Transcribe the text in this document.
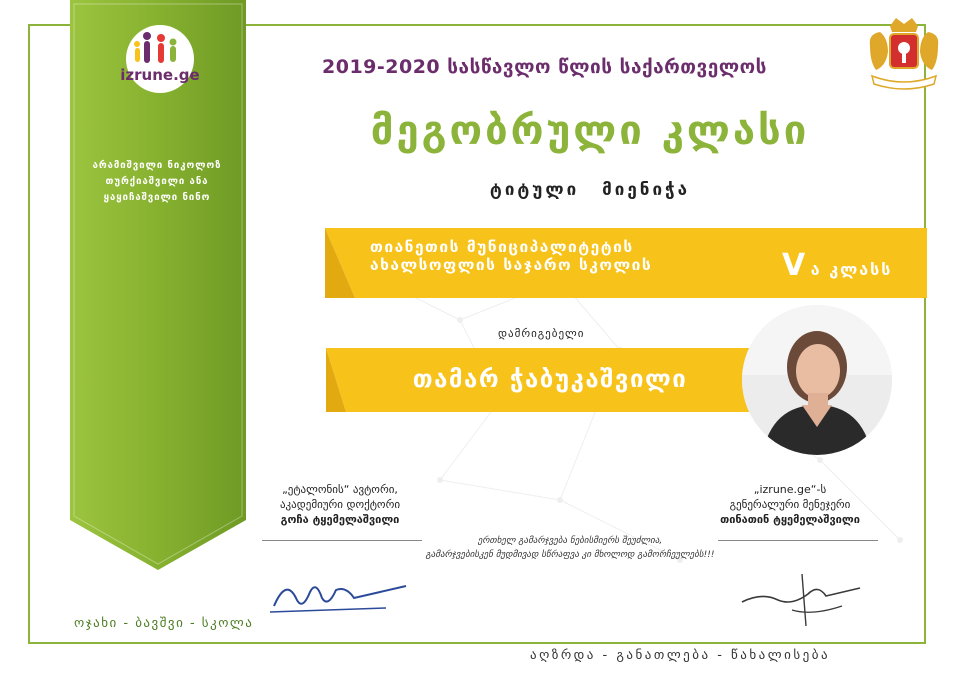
izrune.ge
არამიშვილი ნიკოლოზ
თურქიაშვილი ანა
ყაყიჩაშვილი ნინო
ოჯახი - ბავშვი - სკოლა
2019-2020 სასწავლო წლის საქართველოს
მეგობრული კლასი
ტიტული მიენიჭა
თიანეთის მუნიციპალიტეტის
ახალსოფლის საჯარო სკოლის	V ა კლასს
დამრიგებელი
თამარ ჭაბუკაშვილი
„ეტალონის“ ავტორი,
აკადემიური დოქტორი
გოჩა ტყემელაშვილი
„izrune.ge“-ს
გენერალური მენეჯერი
თინათინ ტყემელაშვილი
ერთხელ გამარჯვება ნებისმიერს შეუძლია,
გამარჯვებისკენ მუდმივად სწრაფვა კი მხოლოდ გამორჩეულებს!!!
აღზრდა - განათლება - წახალისება
